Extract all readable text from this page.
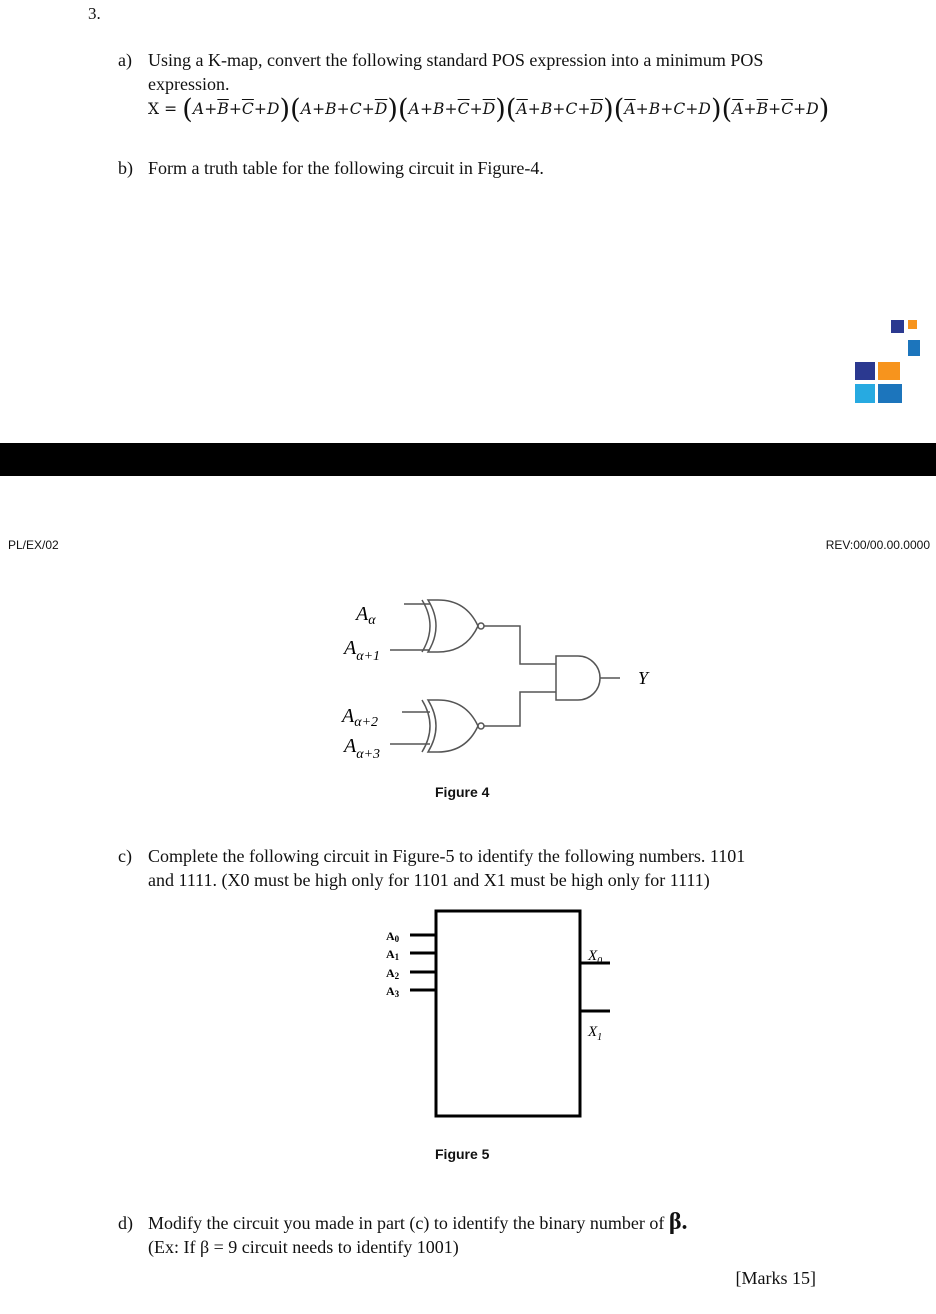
3.
a) Using a K-map, convert the following standard POS expression into a minimum POS
expression.
$X = (A+\overline{B}+\overline{C}+D)(A+B+C+\overline{D})(A+B+\overline{C}+\overline{D})(\overline{A}+B+C+\overline{D})(\overline{A}+B+C+D)(\overline{A}+\overline{B}+\overline{C}+D)$
b) Form a truth table for the following circuit in Figure-4.
PL/EX/02	REV:00/00.00.0000
$A_\alpha$
$A_{\alpha+1}$
$A_{\alpha+2}$
$A_{\alpha+3}$
Y
Figure 4
c) Complete the following circuit in Figure-5 to identify the following numbers. 1101
and 1111. (X0 must be high only for 1101 and X1 must be high only for 1111)
A0
A1
A2
A3
$X_0$
$X_1$
Figure 5
d) Modify the circuit you made in part (c) to identify the binary number of β.
(Ex: If β = 9 circuit needs to identify 1001)
[Marks 15]
